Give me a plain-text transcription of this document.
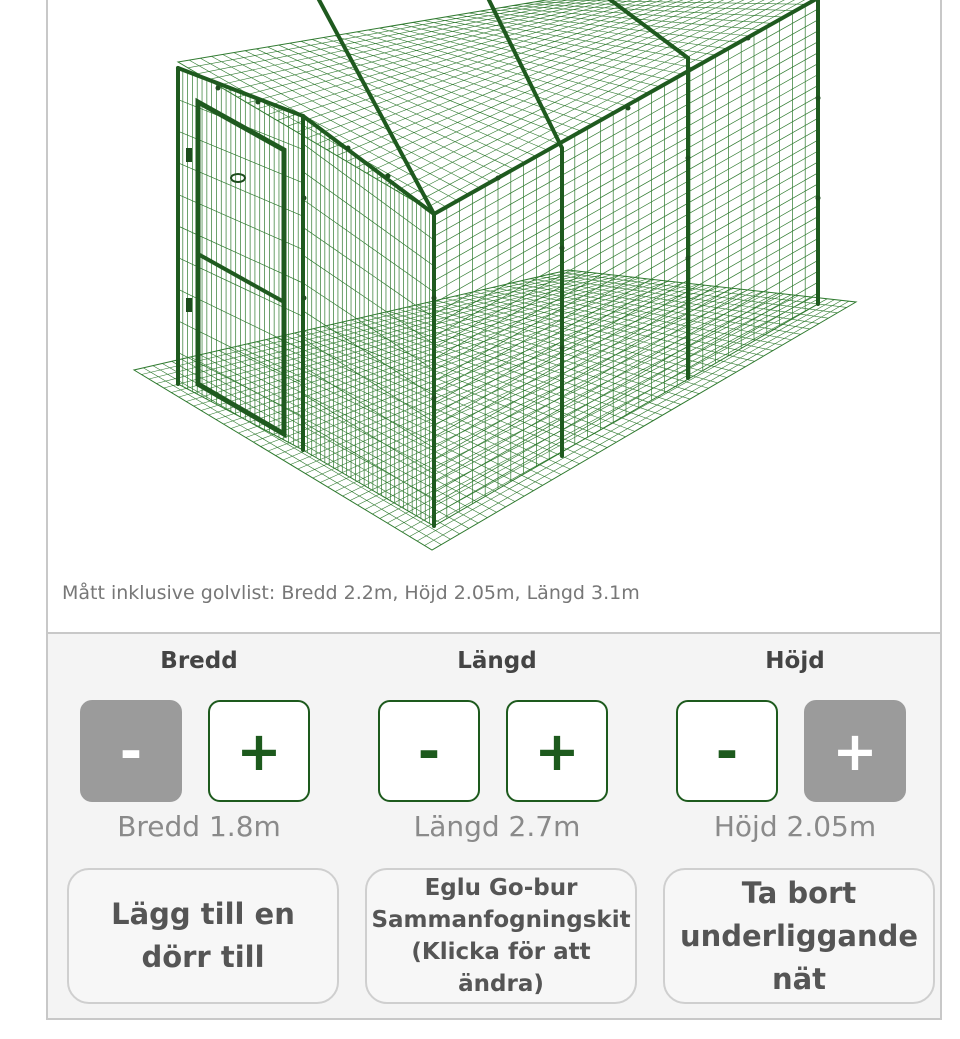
Mått inklusive golvlist: Bredd 2.2m, Höjd 2.05m, Längd 3.1m
Bredd
-	+
Bredd 1.8m
Lägg till en dörr till
Längd
-	+
Längd 2.7m
Eglu Go-bur Sammanfogningskit (Klicka för att ändra)
Höjd
-	+
Höjd 2.05m
Ta bort underliggande nät
